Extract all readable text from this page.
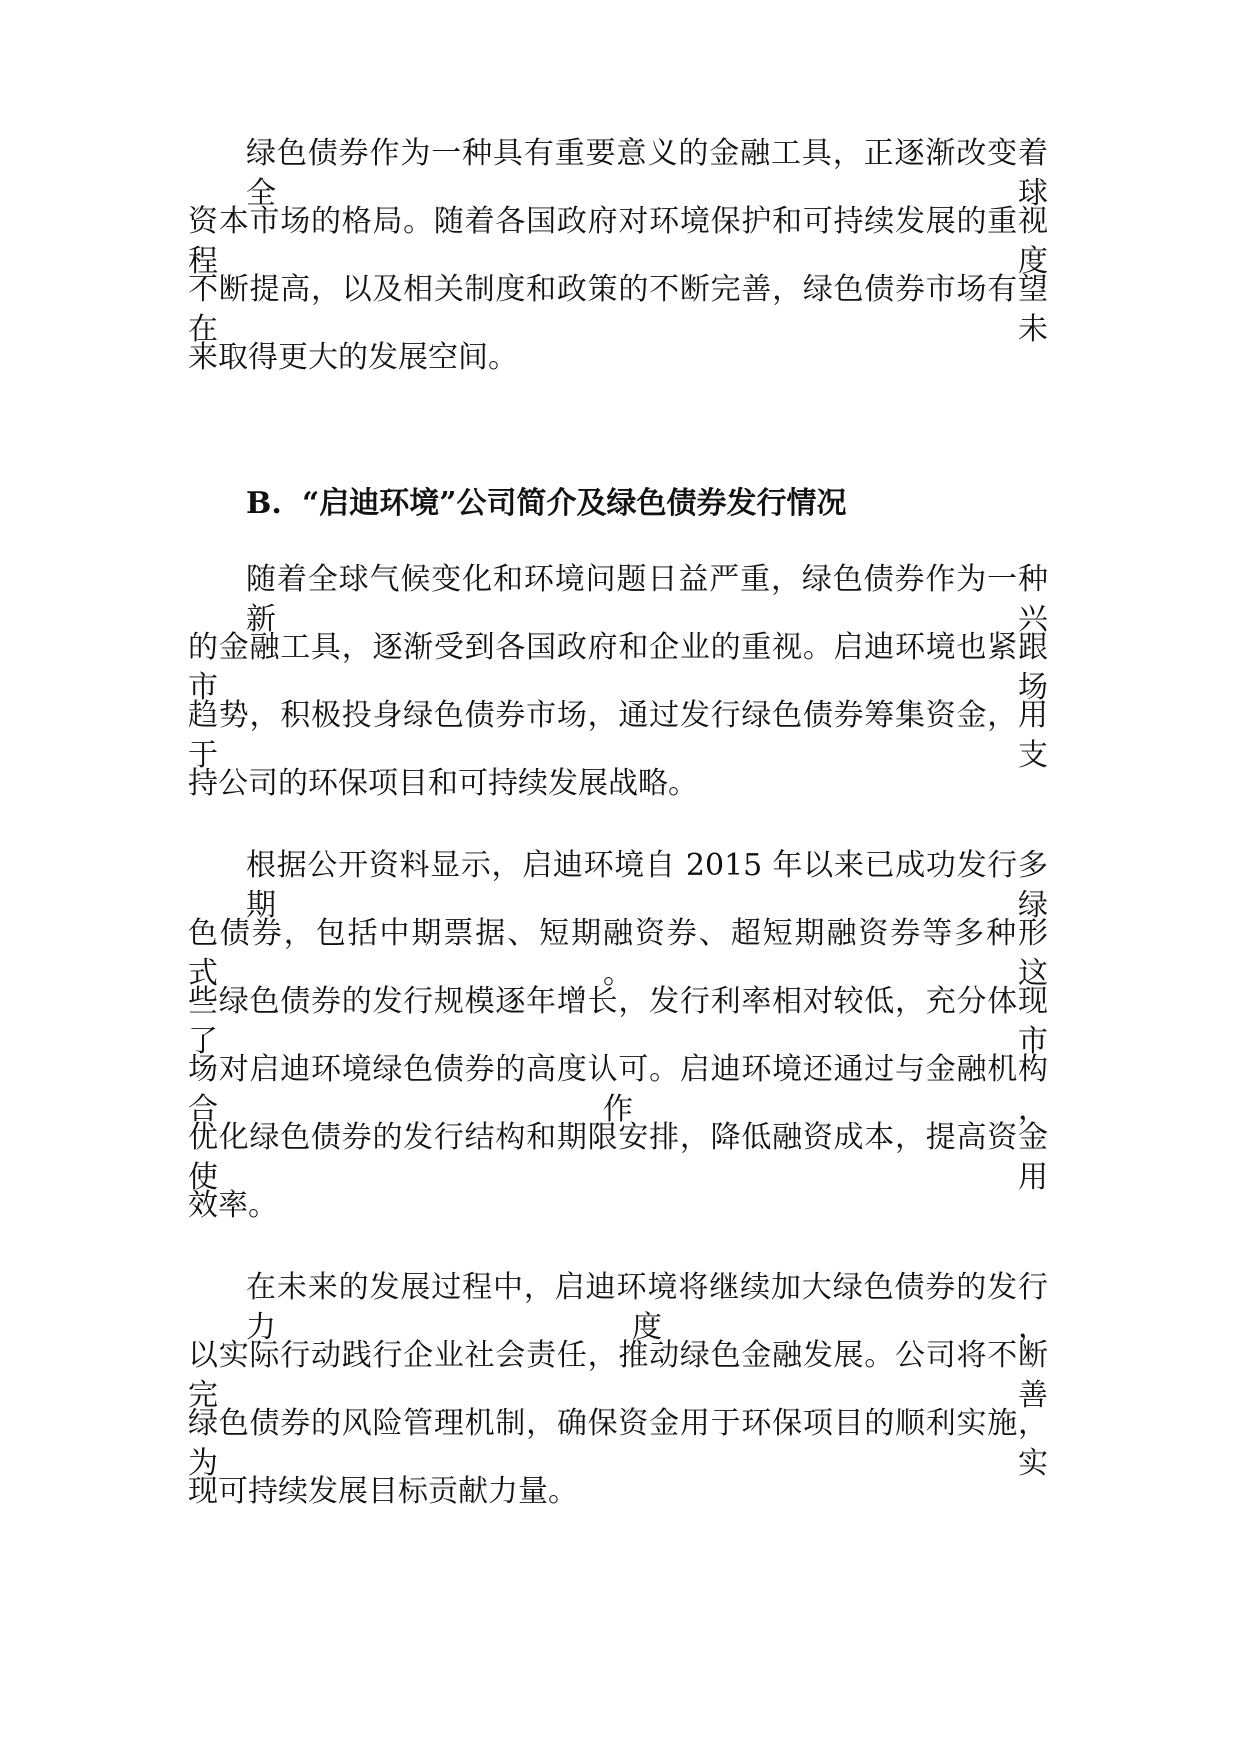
绿色债券作为一种具有重要意义的金融工具，正逐渐改变着全球
资本市场的格局。随着各国政府对环境保护和可持续发展的重视程度
不断提高，以及相关制度和政策的不断完善，绿色债券市场有望在未
来取得更大的发展空间。
B. “启迪环境”公司简介及绿色债券发行情况
随着全球气候变化和环境问题日益严重，绿色债券作为一种新兴
的金融工具，逐渐受到各国政府和企业的重视。启迪环境也紧跟市场
趋势，积极投身绿色债券市场，通过发行绿色债券筹集资金，用于支
持公司的环保项目和可持续发展战略。
根据公开资料显示，启迪环境自 2015 年以来已成功发行多期绿
色债券，包括中期票据、短期融资券、超短期融资券等多种形式。这
些绿色债券的发行规模逐年增长，发行利率相对较低，充分体现了市
场对启迪环境绿色债券的高度认可。启迪环境还通过与金融机构合作，
优化绿色债券的发行结构和期限安排，降低融资成本，提高资金使用
效率。
在未来的发展过程中，启迪环境将继续加大绿色债券的发行力度，
以实际行动践行企业社会责任，推动绿色金融发展。公司将不断完善
绿色债券的风险管理机制，确保资金用于环保项目的顺利实施，为实
现可持续发展目标贡献力量。
